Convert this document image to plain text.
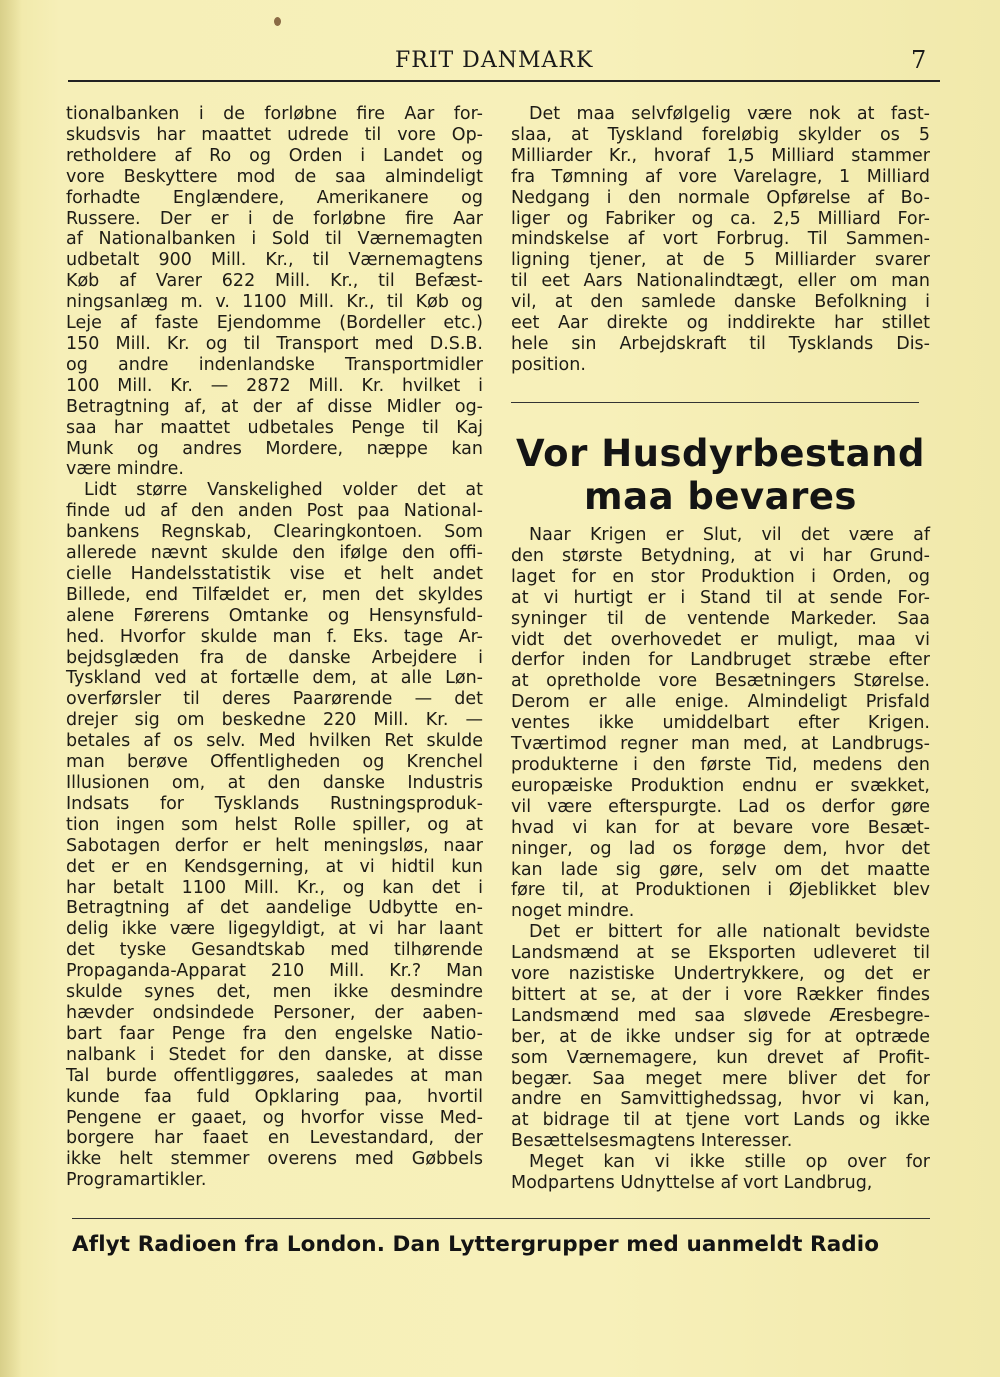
FRIT DANMARK	7
tionalbanken i de forløbne fire Aar for-
skudsvis har maattet udrede til vore Op-
retholdere af Ro og Orden i Landet og
vore Beskyttere mod de saa almindeligt
forhadte Englændere, Amerikanere og
Russere. Der er i de forløbne fire Aar
af Nationalbanken i Sold til Værnemagten
udbetalt 900 Mill. Kr., til Værnemagtens
Køb af Varer 622 Mill. Kr., til Befæst-
ningsanlæg m. v. 1100 Mill. Kr., til Køb og
Leje af faste Ejendomme (Bordeller etc.)
150 Mill. Kr. og til Transport med D.S.B.
og andre indenlandske Transportmidler
100 Mill. Kr. — 2872 Mill. Kr. hvilket i
Betragtning af, at der af disse Midler og-
saa har maattet udbetales Penge til Kaj
Munk og andres Mordere, næppe kan
være mindre.
Lidt større Vanskelighed volder det at
finde ud af den anden Post paa National-
bankens Regnskab, Clearingkontoen. Som
allerede nævnt skulde den ifølge den offi-
cielle Handelsstatistik vise et helt andet
Billede, end Tilfældet er, men det skyldes
alene Førerens Omtanke og Hensynsfuld-
hed. Hvorfor skulde man f. Eks. tage Ar-
bejdsglæden fra de danske Arbejdere i
Tyskland ved at fortælle dem, at alle Løn-
overførsler til deres Paarørende — det
drejer sig om beskedne 220 Mill. Kr. —
betales af os selv. Med hvilken Ret skulde
man berøve Offentligheden og Krenchel
Illusionen om, at den danske Industris
Indsats for Tysklands Rustningsproduk-
tion ingen som helst Rolle spiller, og at
Sabotagen derfor er helt meningsløs, naar
det er en Kendsgerning, at vi hidtil kun
har betalt 1100 Mill. Kr., og kan det i
Betragtning af det aandelige Udbytte en-
delig ikke være ligegyldigt, at vi har laant
det tyske Gesandtskab med tilhørende
Propaganda-Apparat 210 Mill. Kr.? Man
skulde synes det, men ikke desmindre
hævder ondsindede Personer, der aaben-
bart faar Penge fra den engelske Natio-
nalbank i Stedet for den danske, at disse
Tal burde offentliggøres, saaledes at man
kunde faa fuld Opklaring paa, hvortil
Pengene er gaaet, og hvorfor visse Med-
borgere har faaet en Levestandard, der
ikke helt stemmer overens med Gøbbels
Programartikler.
Det maa selvfølgelig være nok at fast-
slaa, at Tyskland foreløbig skylder os 5
Milliarder Kr., hvoraf 1,5 Milliard stammer
fra Tømning af vore Varelagre, 1 Milliard
Nedgang i den normale Opførelse af Bo-
liger og Fabriker og ca. 2,5 Milliard For-
mindskelse af vort Forbrug. Til Sammen-
ligning tjener, at de 5 Milliarder svarer
til eet Aars Nationalindtægt, eller om man
vil, at den samlede danske Befolkning i
eet Aar direkte og inddirekte har stillet
hele sin Arbejdskraft til Tysklands Dis-
position.
Vor Husdyrbestand
maa bevares
Naar Krigen er Slut, vil det være af
den største Betydning, at vi har Grund-
laget for en stor Produktion i Orden, og
at vi hurtigt er i Stand til at sende For-
syninger til de ventende Markeder. Saa
vidt det overhovedet er muligt, maa vi
derfor inden for Landbruget stræbe efter
at opretholde vore Besætningers Størelse.
Derom er alle enige. Almindeligt Prisfald
ventes ikke umiddelbart efter Krigen.
Tværtimod regner man med, at Landbrugs-
produkterne i den første Tid, medens den
europæiske Produktion endnu er svækket,
vil være efterspurgte. Lad os derfor gøre
hvad vi kan for at bevare vore Besæt-
ninger, og lad os forøge dem, hvor det
kan lade sig gøre, selv om det maatte
føre til, at Produktionen i Øjeblikket blev
noget mindre.
Det er bittert for alle nationalt bevidste
Landsmænd at se Eksporten udleveret til
vore nazistiske Undertrykkere, og det er
bittert at se, at der i vore Rækker findes
Landsmænd med saa sløvede Æresbegre-
ber, at de ikke undser sig for at optræde
som Værnemagere, kun drevet af Profit-
begær. Saa meget mere bliver det for
andre en Samvittighedssag, hvor vi kan,
at bidrage til at tjene vort Lands og ikke
Besættelsesmagtens Interesser.
Meget kan vi ikke stille op over for
Modpartens Udnyttelse af vort Landbrug,
Aflyt Radioen fra London. Dan Lyttergrupper med uanmeldt Radio
